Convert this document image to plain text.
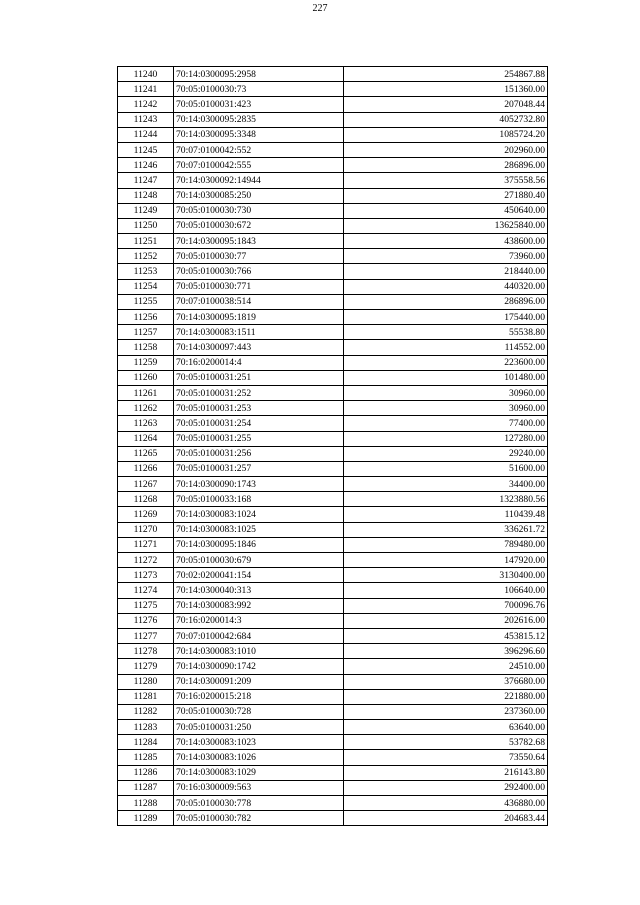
227
11240	70:14:0300095:2958	254867.88
11241	70:05:0100030:73	151360.00
11242	70:05:0100031:423	207048.44
11243	70:14:0300095:2835	4052732.80
11244	70:14:0300095:3348	1085724.20
11245	70:07:0100042:552	202960.00
11246	70:07:0100042:555	286896.00
11247	70:14:0300092:14944	375558.56
11248	70:14:0300085:250	271880.40
11249	70:05:0100030:730	450640.00
11250	70:05:0100030:672	13625840.00
11251	70:14:0300095:1843	438600.00
11252	70:05:0100030:77	73960.00
11253	70:05:0100030:766	218440.00
11254	70:05:0100030:771	440320.00
11255	70:07:0100038:514	286896.00
11256	70:14:0300095:1819	175440.00
11257	70:14:0300083:1511	55538.80
11258	70:14:0300097:443	114552.00
11259	70:16:0200014:4	223600.00
11260	70:05:0100031:251	101480.00
11261	70:05:0100031:252	30960.00
11262	70:05:0100031:253	30960.00
11263	70:05:0100031:254	77400.00
11264	70:05:0100031:255	127280.00
11265	70:05:0100031:256	29240.00
11266	70:05:0100031:257	51600.00
11267	70:14:0300090:1743	34400.00
11268	70:05:0100033:168	1323880.56
11269	70:14:0300083:1024	110439.48
11270	70:14:0300083:1025	336261.72
11271	70:14:0300095:1846	789480.00
11272	70:05:0100030:679	147920.00
11273	70:02:0200041:154	3130400.00
11274	70:14:0300040:313	106640.00
11275	70:14:0300083:992	700096.76
11276	70:16:0200014:3	202616.00
11277	70:07:0100042:684	453815.12
11278	70:14:0300083:1010	396296.60
11279	70:14:0300090:1742	24510.00
11280	70:14:0300091:209	376680.00
11281	70:16:0200015:218	221880.00
11282	70:05:0100030:728	237360.00
11283	70:05:0100031:250	63640.00
11284	70:14:0300083:1023	53782.68
11285	70:14:0300083:1026	73550.64
11286	70:14:0300083:1029	216143.80
11287	70:16:0300009:563	292400.00
11288	70:05:0100030:778	436880.00
11289	70:05:0100030:782	204683.44
